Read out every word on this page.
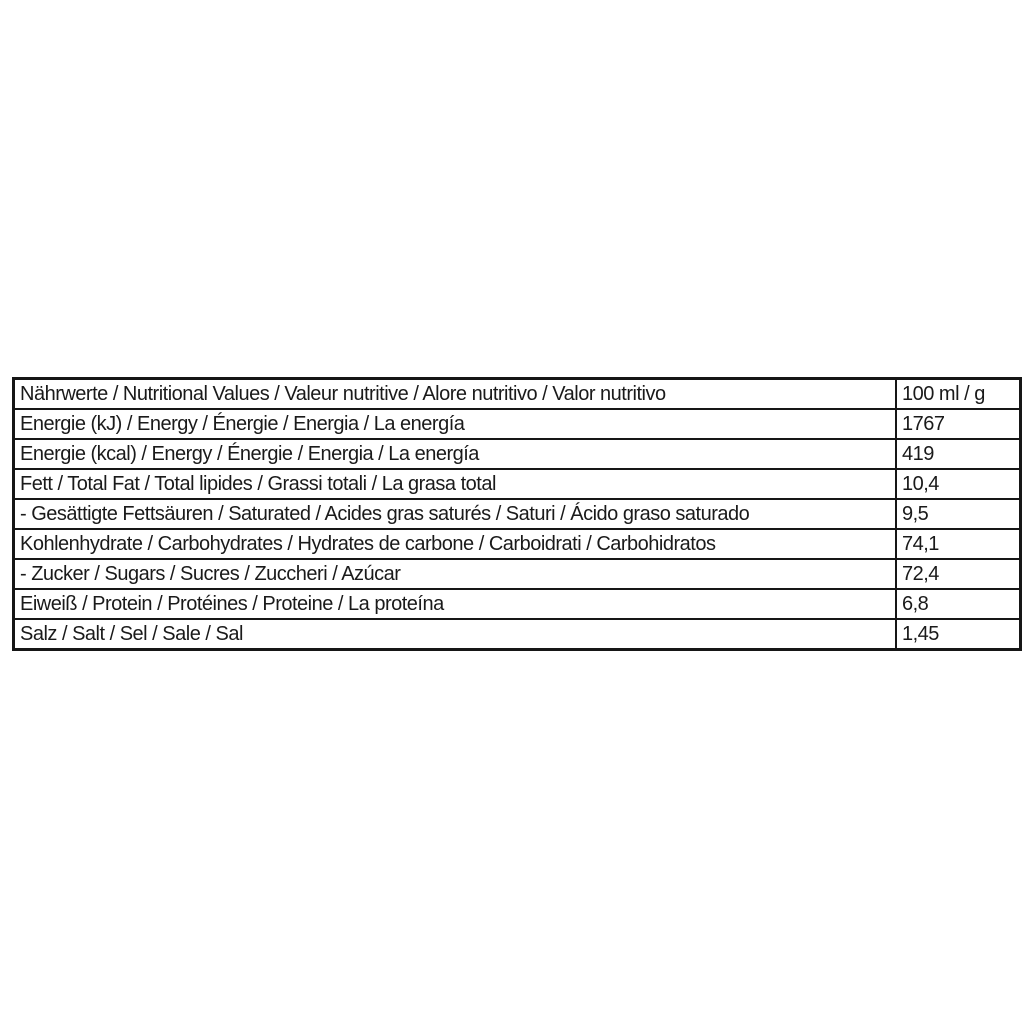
Nährwerte / Nutritional Values / Valeur nutritive / Alore nutritivo / Valor nutritivo	100 ml / g
Energie (kJ) / Energy / Énergie / Energia / La energía	1767
Energie (kcal) / Energy / Énergie / Energia / La energía	419
Fett / Total Fat / Total lipides / Grassi totali / La grasa total	10,4
- Gesättigte Fettsäuren / Saturated / Acides gras saturés / Saturi / Ácido graso saturado	9,5
Kohlenhydrate / Carbohydrates / Hydrates de carbone / Carboidrati / Carbohidratos	74,1
- Zucker / Sugars / Sucres / Zuccheri / Azúcar	72,4
Eiweiß / Protein / Protéines / Proteine / La proteína	6,8
Salz / Salt / Sel / Sale / Sal	1,45
